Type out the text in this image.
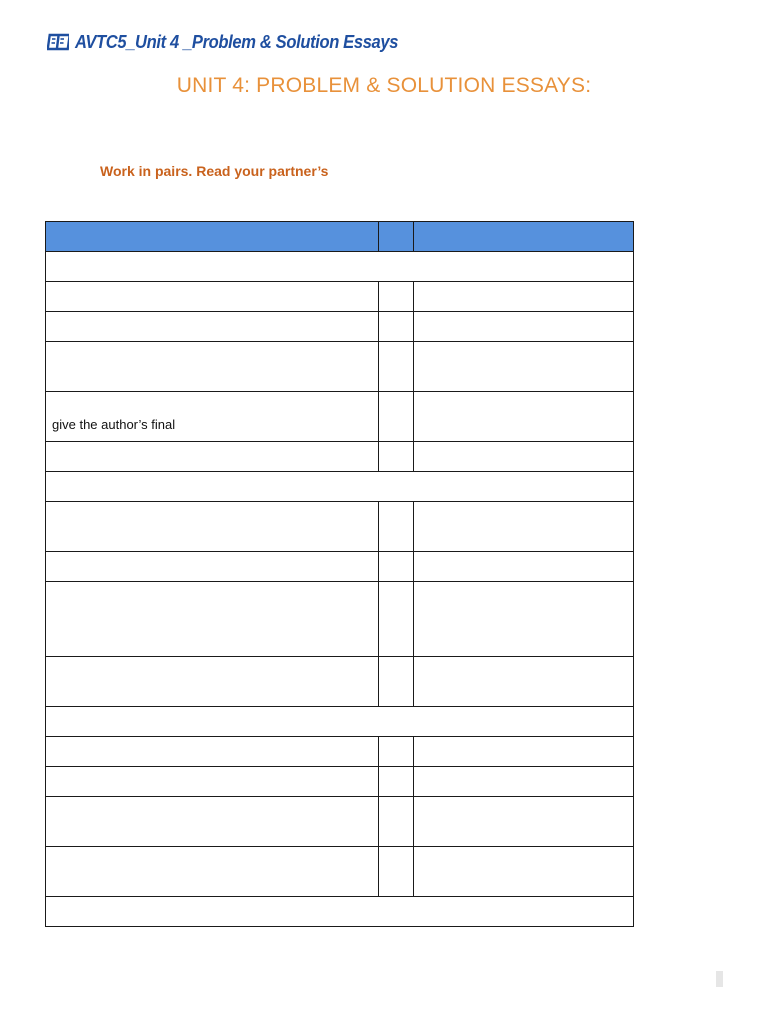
AVTC5_Unit 4 _Problem & Solution Essays
UNIT 4: PROBLEM & SOLUTION ESSAYS:
Work in pairs. Read your partner’s

give the author’s final		
